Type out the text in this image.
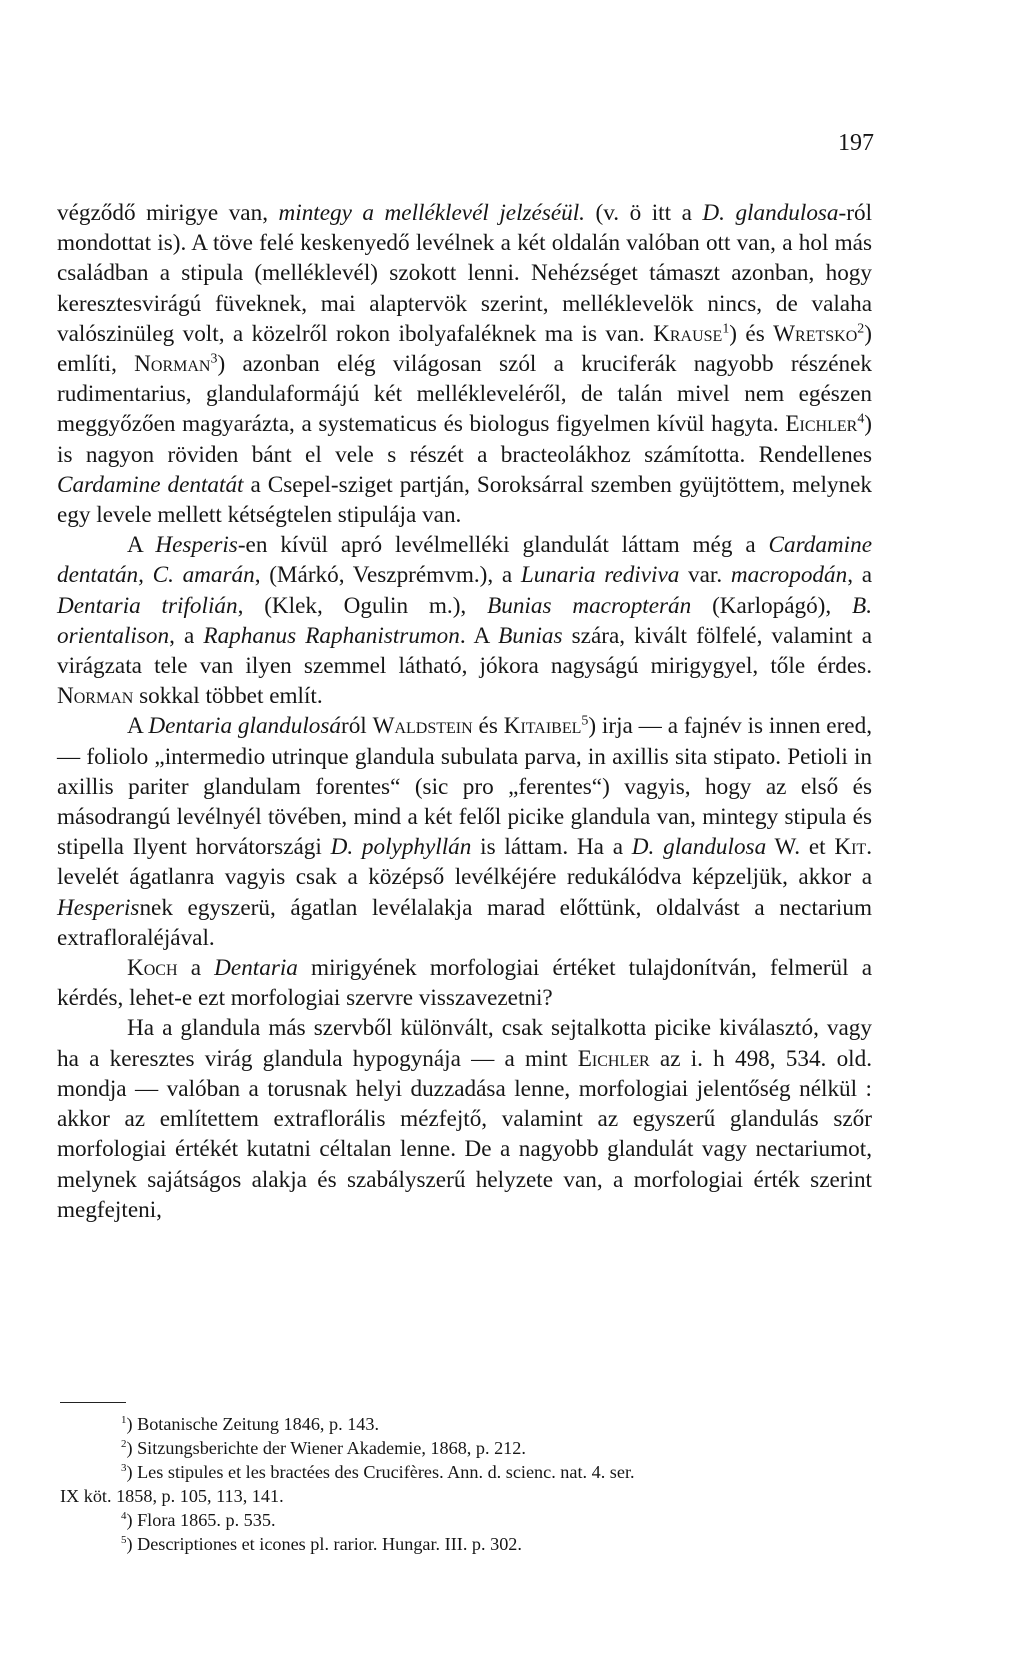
197

végződő mirigye van, mintegy a melléklevél jelzéséül. (v. ö itt a D. glandulosa-ról mondottat is). A töve felé keskenyedő levélnek a két oldalán valóban ott van, a hol más családban a stipula (melléklevél) szokott lenni. Nehézséget támaszt azonban, hogy keresztesvirágú füveknek, mai alaptervök szerint, melléklevelök nincs, de valaha valószinüleg volt, a közelről rokon ibolyafaléknek ma is van. Krause$^1$) és Wretsko$^2$) említi, Norman$^3$) azonban elég világosan szól a kruciferák nagyobb részének rudimentarius, glandulaformájú két mellékleveléről, de talán mivel nem egészen meggyőzően magyarázta, a systematicus és biologus figyelmen kívül hagyta. Eichler$^4$) is nagyon röviden bánt el vele s részét a bracteolákhoz számította. Rendellenes Cardamine dentatát a Csepel-sziget partján, Soroksárral szemben gyüjtöttem, melynek egy levele mellett kétségtelen stipulája van.

A Hesperis-en kívül apró levélmelléki glandulát láttam még a Cardamine dentatán, C. amarán, (Márkó, Veszprémvm.), a Lunaria rediviva var. macropodán, a Dentaria trifolián, (Klek, Ogulin m.), Bunias macropterán (Karlopágó), B. orientalison, a Raphanus Raphanistrumon. A Bunias szára, kivált fölfelé, valamint a virágzata tele van ilyen szemmel látható, jókora nagyságú mirigygyel, tőle érdes. Norman sokkal többet említ.

A Dentaria glandulosáról Waldstein és Kitaibel$^5$) irja — a fajnév is innen ered, — foliolo „intermedio utrinque glandula subulata parva, in axillis sita stipato. Petioli in axillis pariter glandulam forentes“ (sic pro „ferentes“) vagyis, hogy az első és másodrangú levélnyél tövében, mind a két felől picike glandula van, mintegy stipula és stipella Ilyent horvátországi D. polyphyllán is láttam. Ha a D. glandulosa W. et Kit. levelét ágatlanra vagyis csak a középső levélkéjére redukálódva képzeljük, akkor a Hesperisnek egyszerü, ágatlan levélalakja marad előttünk, oldalvást a nectarium extrafloraléjával.

Koch a Dentaria mirigyének morfologiai értéket tulajdonítván, felmerül a kérdés, lehet-e ezt morfologiai szervre visszavezetni?

Ha a glandula más szervből különvált, csak sejtalkotta picike kiválasztó, vagy ha a keresztes virág glandula hypogynája — a mint Eichler az i. h 498, 534. old. mondja — valóban a torusnak helyi duzzadása lenne, morfologiai jelentőség nélkül : akkor az említettem extraflorális mézfejtő, valamint az egyszerű glandulás szőr morfologiai értékét kutatni céltalan lenne. De a nagyobb glandulát vagy nectariumot, melynek sajátságos alakja és szabályszerű helyzete van, a morfologiai érték szerint megfejteni,

$^1$) Botanische Zeitung 1846, p. 143.

$^2$) Sitzungsberichte der Wiener Akademie, 1868, p. 212.

$^3$) Les stipules et les bractées des Crucifères. Ann. d. scienc. nat. 4. ser.

IX köt. 1858, p. 105, 113, 141.

$^4$) Flora 1865. p. 535.

$^5$) Descriptiones et icones pl. rarior. Hungar. III. p. 302.
